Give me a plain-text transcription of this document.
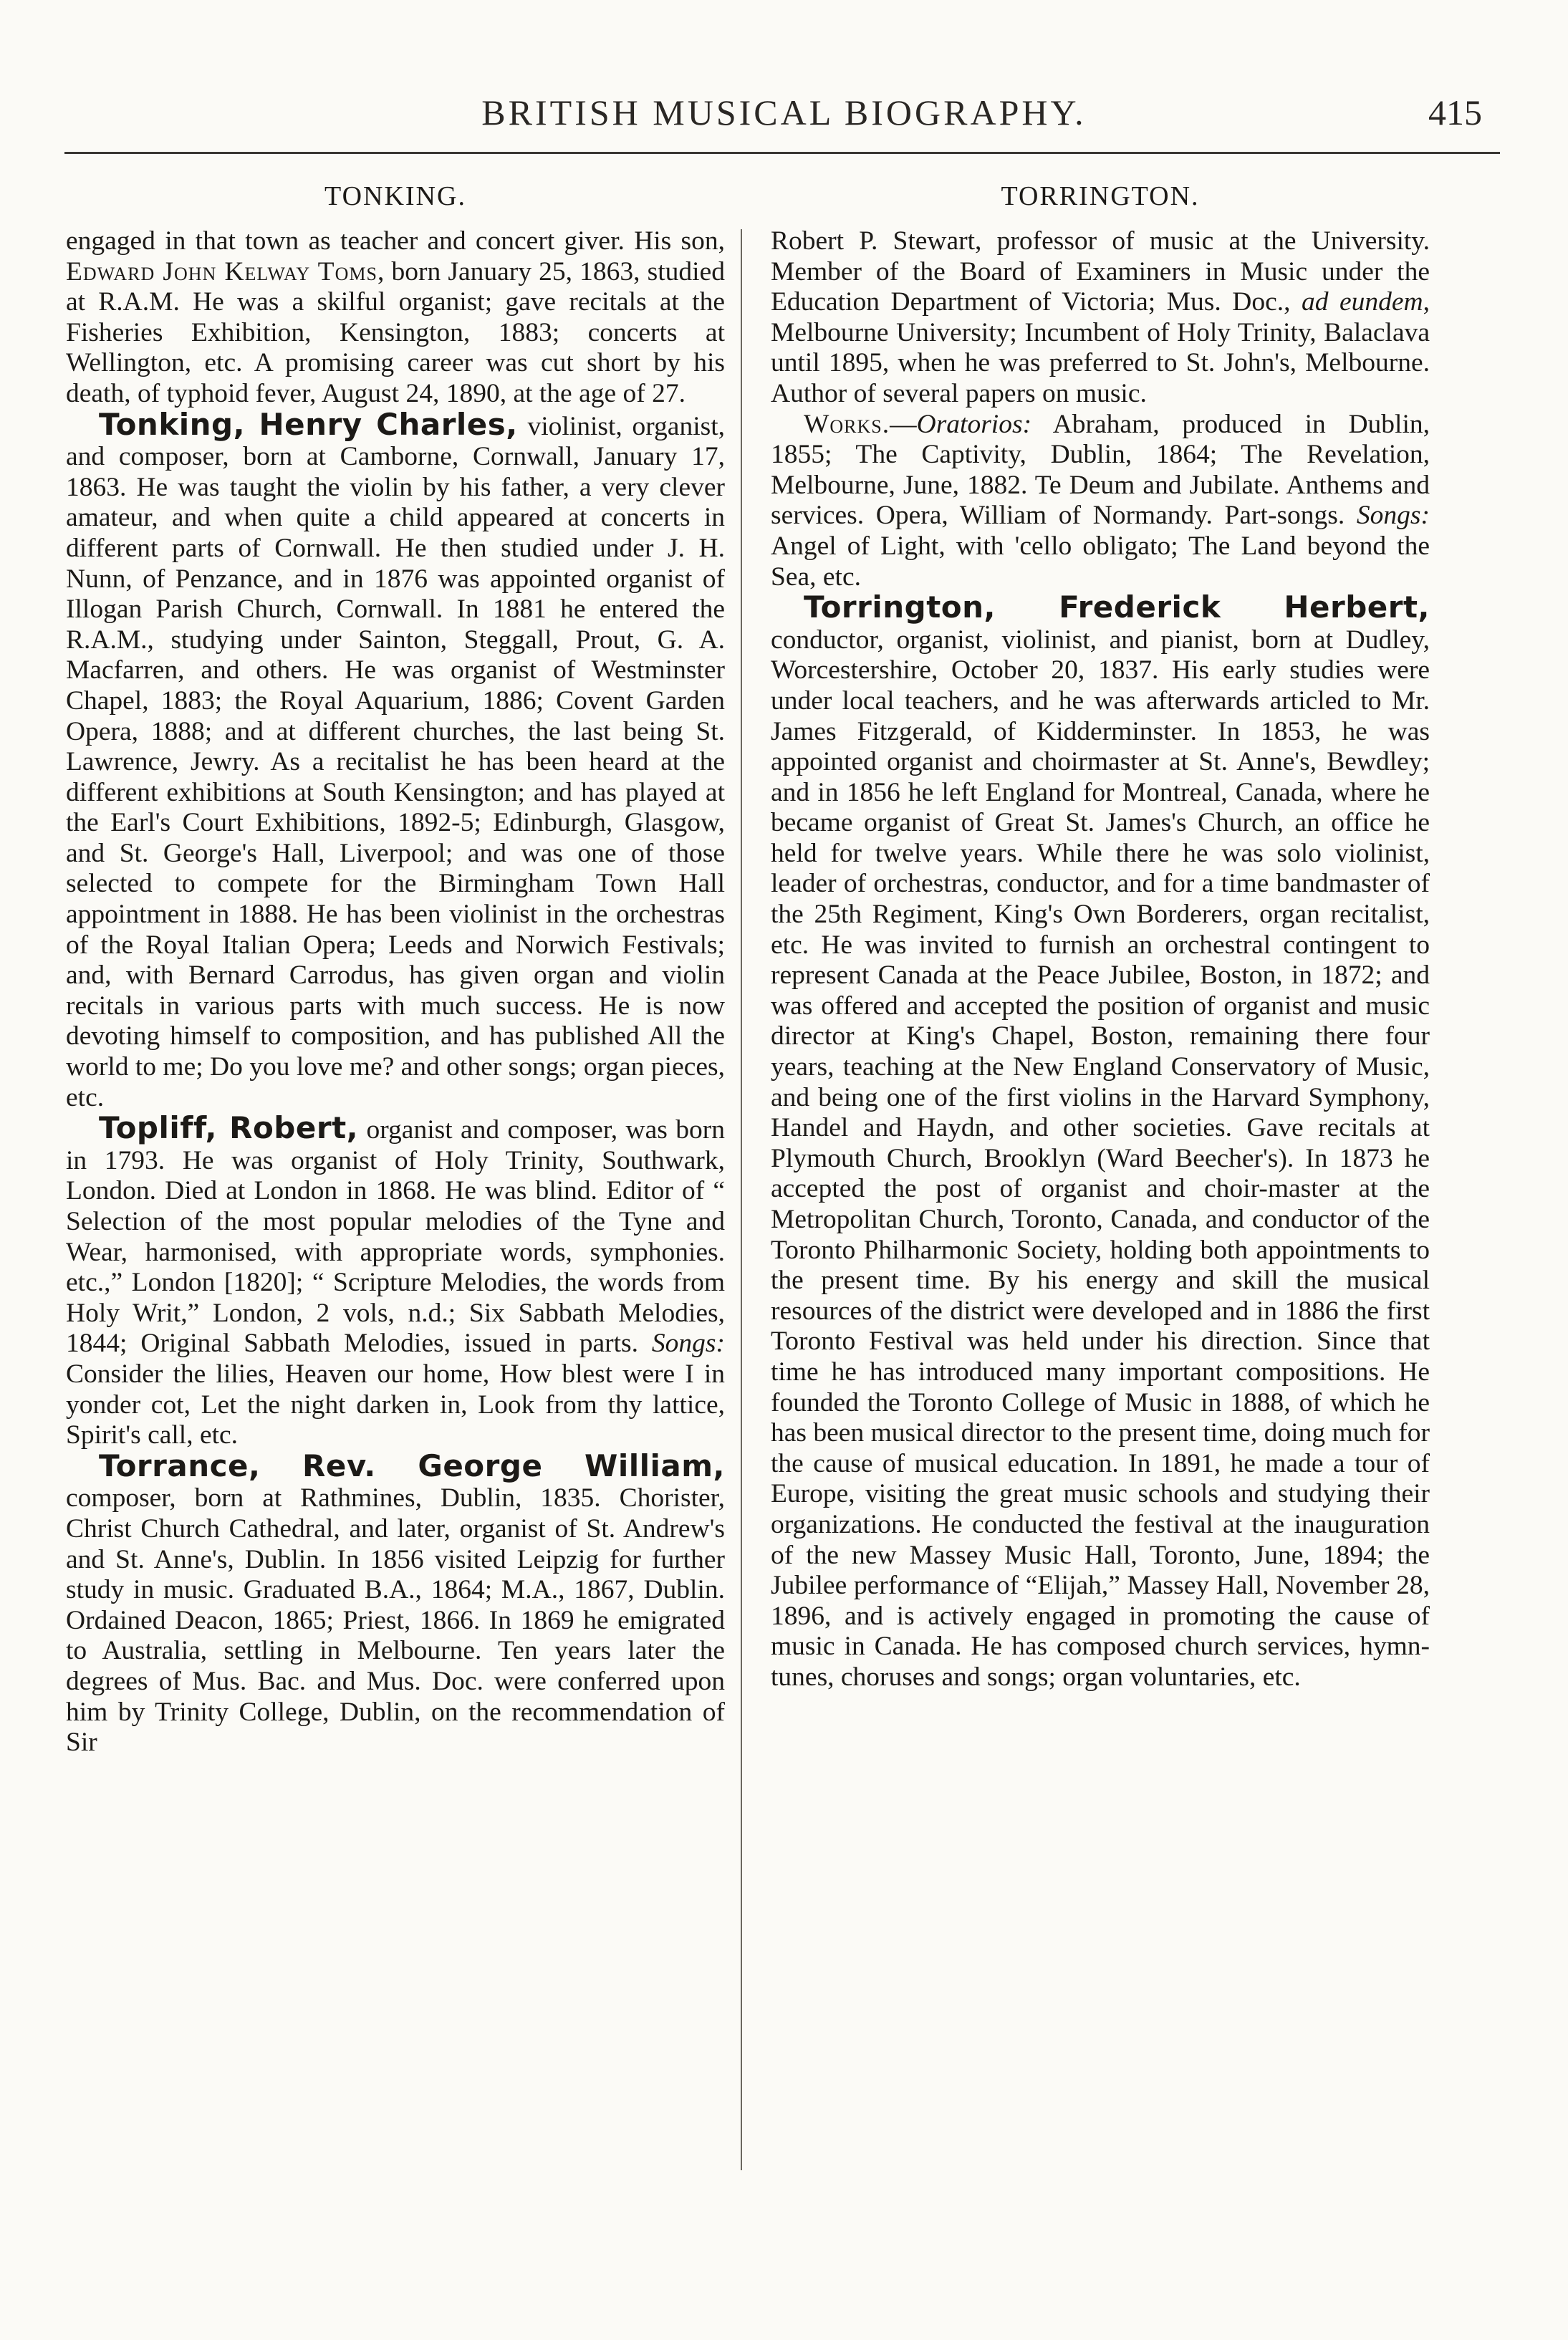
BRITISH MUSICAL BIOGRAPHY.	415
TONKING.

engaged in that town as teacher and concert giver. His son, Edward John Kelway Toms, born January 25, 1863, studied at R.A.M. He was a skilful organist; gave recitals at the Fisheries Exhibition, Kensington, 1883; concerts at Wellington, etc. A promising career was cut short by his death, of typhoid fever, August 24, 1890, at the age of 27.

Tonking, Henry Charles, violinist, organist, and composer, born at Camborne, Cornwall, January 17, 1863. He was taught the violin by his father, a very clever amateur, and when quite a child appeared at concerts in different parts of Cornwall. He then studied under J. H. Nunn, of Penzance, and in 1876 was appointed organist of Illogan Parish Church, Cornwall. In 1881 he entered the R.A.M., studying under Sainton, Steggall, Prout, G. A. Macfarren, and others. He was organist of Westminster Chapel, 1883; the Royal Aquarium, 1886; Covent Garden Opera, 1888; and at different churches, the last being St. Lawrence, Jewry. As a recitalist he has been heard at the different exhibitions at South Kensington; and has played at the Earl's Court Exhibitions, 1892-5; Edinburgh, Glasgow, and St. George's Hall, Liverpool; and was one of those selected to compete for the Birmingham Town Hall appointment in 1888. He has been violinist in the orchestras of the Royal Italian Opera; Leeds and Norwich Festivals; and, with Bernard Carrodus, has given organ and violin recitals in various parts with much success. He is now devoting himself to composition, and has published All the world to me; Do you love me? and other songs; organ pieces, etc.

Topliff, Robert, organist and composer, was born in 1793. He was organist of Holy Trinity, Southwark, London. Died at London in 1868. He was blind. Editor of “ Selection of the most popular melodies of the Tyne and Wear, harmonised, with appropriate words, symphonies. etc.,” London [1820]; “ Scripture Melodies, the words from Holy Writ,” London, 2 vols, n.d.; Six Sabbath Melodies, 1844; Original Sabbath Melodies, issued in parts. Songs: Consider the lilies, Heaven our home, How blest were I in yonder cot, Let the night darken in, Look from thy lattice, Spirit's call, etc.

Torrance, Rev. George William, composer, born at Rathmines, Dublin, 1835. Chorister, Christ Church Cathedral, and later, organist of St. Andrew's and St. Anne's, Dublin. In 1856 visited Leipzig for further study in music. Graduated B.A., 1864; M.A., 1867, Dublin. Ordained Deacon, 1865; Priest, 1866. In 1869 he emigrated to Australia, settling in Melbourne. Ten years later the degrees of Mus. Bac. and Mus. Doc. were conferred upon him by Trinity College, Dublin, on the recommendation of Sir

TORRINGTON.

Robert P. Stewart, professor of music at the University. Member of the Board of Examiners in Music under the Education Department of Victoria; Mus. Doc., ad eundem, Melbourne University; Incumbent of Holy Trinity, Balaclava until 1895, when he was preferred to St. John's, Melbourne. Author of several papers on music.

Works.—Oratorios: Abraham, produced in Dublin, 1855; The Captivity, Dublin, 1864; The Revelation, Melbourne, June, 1882. Te Deum and Jubilate. Anthems and services. Opera, William of Normandy. Part-songs. Songs: Angel of Light, with 'cello obligato; The Land beyond the Sea, etc.

Torrington, Frederick Herbert, conductor, organist, violinist, and pianist, born at Dudley, Worcestershire, October 20, 1837. His early studies were under local teachers, and he was afterwards articled to Mr. James Fitzgerald, of Kidderminster. In 1853, he was appointed organist and choirmaster at St. Anne's, Bewdley; and in 1856 he left England for Montreal, Canada, where he became organist of Great St. James's Church, an office he held for twelve years. While there he was solo violinist, leader of orchestras, conductor, and for a time bandmaster of the 25th Regiment, King's Own Borderers, organ recitalist, etc. He was invited to furnish an orchestral contingent to represent Canada at the Peace Jubilee, Boston, in 1872; and was offered and accepted the position of organist and music director at King's Chapel, Boston, remaining there four years, teaching at the New England Conservatory of Music, and being one of the first violins in the Harvard Symphony, Handel and Haydn, and other societies. Gave recitals at Plymouth Church, Brooklyn (Ward Beecher's). In 1873 he accepted the post of organist and choir-master at the Metropolitan Church, Toronto, Canada, and conductor of the Toronto Philharmonic Society, holding both appointments to the present time. By his energy and skill the musical resources of the district were developed and in 1886 the first Toronto Festival was held under his direction. Since that time he has introduced many important compositions. He founded the Toronto College of Music in 1888, of which he has been musical director to the present time, doing much for the cause of musical education. In 1891, he made a tour of Europe, visiting the great music schools and studying their organizations. He conducted the festival at the inauguration of the new Massey Music Hall, Toronto, June, 1894; the Jubilee performance of “Elijah,” Massey Hall, November 28, 1896, and is actively engaged in promoting the cause of music in Canada. He has composed church services, hymn-tunes, choruses and songs; organ voluntaries, etc.
